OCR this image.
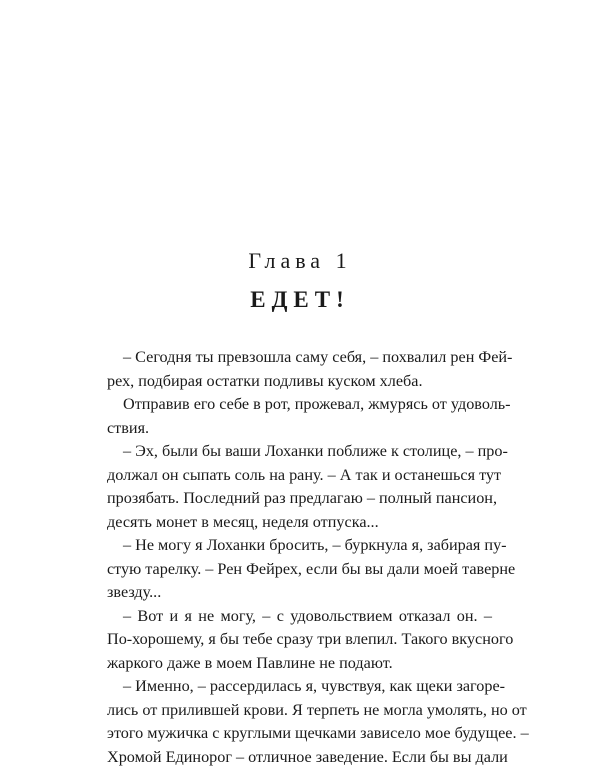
Глава 1
ЕДЕТ!
– Сегодня ты превзошла саму себя, – похвалил рен Фей-
рех, подбирая остатки подливы куском хлеба.
Отправив его себе в рот, прожевал, жмурясь от удоволь-
ствия.
– Эх, были бы ваши Лоханки поближе к столице, – про-
должал он сыпать соль на рану. – А так и останешься тут
прозябать. Последний раз предлагаю – полный пансион,
десять монет в месяц, неделя отпуска...
– Не могу я Лоханки бросить, – буркнула я, забирая пу-
стую тарелку. – Рен Фейрех, если бы вы дали моей таверне
звезду...
– Вот и я не могу, – с удовольствием отказал он. –
По-хорошему, я бы тебе сразу три влепил. Такого вкусного
жаркого даже в моем Павлине не подают.
– Именно, – рассердилась я, чувствуя, как щеки загоре-
лись от прилившей крови. Я терпеть не могла умолять, но от
этого мужичка с круглыми щечками зависело мое будущее. –
Хромой Единорог – отличное заведение. Если бы вы дали
